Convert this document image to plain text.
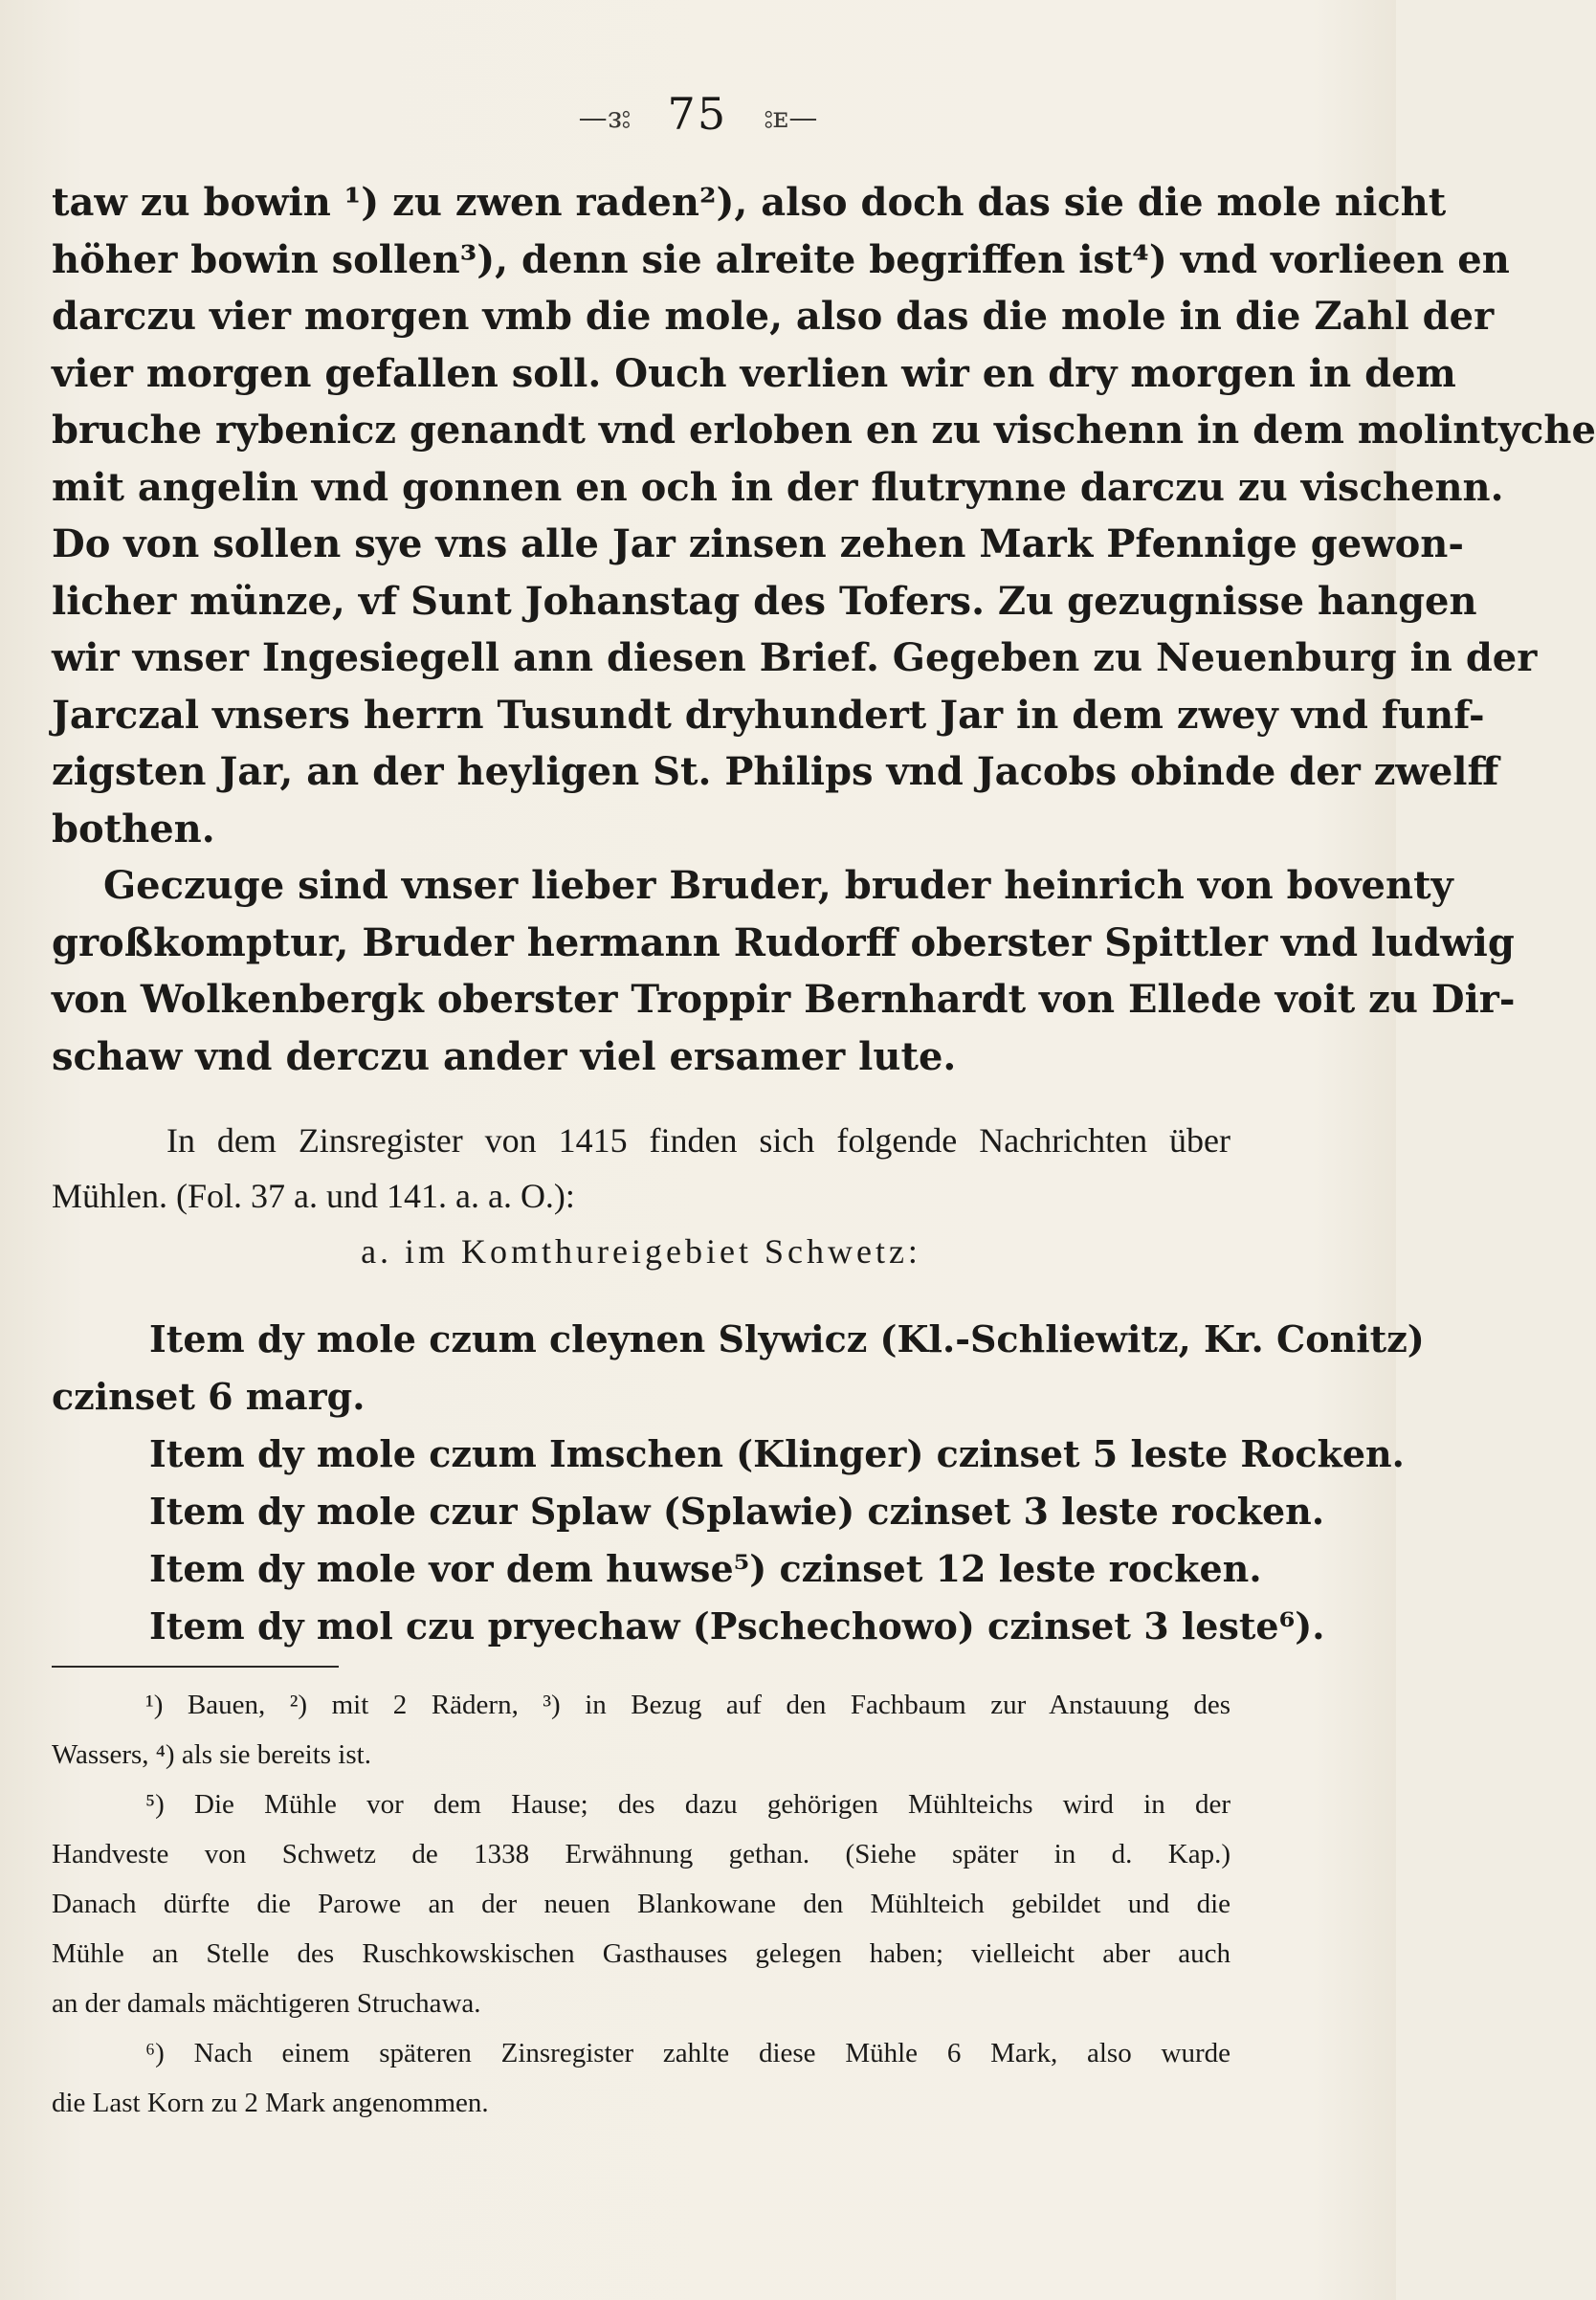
—ᴈ⦂ 75 ⦂ᴇ—
taw zu bowin ¹) zu zwen raden²), also doch das sie die mole nicht
höher bowin sollen³), denn sie alreite begriffen ist⁴) vnd vorlieen en
darczu vier morgen vmb die mole, also das die mole in die Zahl der
vier morgen gefallen soll. Ouch verlien wir en dry morgen in dem
bruche rybenicz genandt vnd erloben en zu vischenn in dem molintyche
mit angelin vnd gonnen en och in der flutrynne darczu zu vischenn.
Do von sollen sye vns alle Jar zinsen zehen Mark Pfennige gewon-
licher münze, vf Sunt Johanstag des Tofers. Zu gezugnisse hangen
wir vnser Ingesiegell ann diesen Brief. Gegeben zu Neuenburg in der
Jarczal vnsers herrn Tusundt dryhundert Jar in dem zwey vnd funf-
zigsten Jar, an der heyligen St. Philips vnd Jacobs obinde der zwelff
bothen.
Geczuge sind vnser lieber Bruder, bruder heinrich von boventy
großkomptur, Bruder hermann Rudorff oberster Spittler vnd ludwig
von Wolkenbergk oberster Troppir Bernhardt von Ellede voit zu Dir-
schaw vnd derczu ander viel ersamer lute.
In dem Zinsregister von 1415 finden sich folgende Nachrichten über
Mühlen. (Fol. 37 a. und 141. a. a. O.):
a. im Komthureigebiet Schwetz:
Item dy mole czum cleynen Slywicz (Kl.-Schliewitz, Kr. Conitz)
czinset 6 marg.
Item dy mole czum Imschen (Klinger) czinset 5 leste Rocken.
Item dy mole czur Splaw (Splawie) czinset 3 leste rocken.
Item dy mole vor dem huwse⁵) czinset 12 leste rocken.
Item dy mol czu pryechaw (Pschechowo) czinset 3 leste⁶).
¹) Bauen, ²) mit 2 Rädern, ³) in Bezug auf den Fachbaum zur Anstauung des
Wassers, ⁴) als sie bereits ist.
⁵) Die Mühle vor dem Hause; des dazu gehörigen Mühlteichs wird in der
Handveste von Schwetz de 1338 Erwähnung gethan. (Siehe später in d. Kap.)
Danach dürfte die Parowe an der neuen Blankowane den Mühlteich gebildet und die
Mühle an Stelle des Ruschkowskischen Gasthauses gelegen haben; vielleicht aber auch
an der damals mächtigeren Struchawa.
⁶) Nach einem späteren Zinsregister zahlte diese Mühle 6 Mark, also wurde
die Last Korn zu 2 Mark angenommen.
